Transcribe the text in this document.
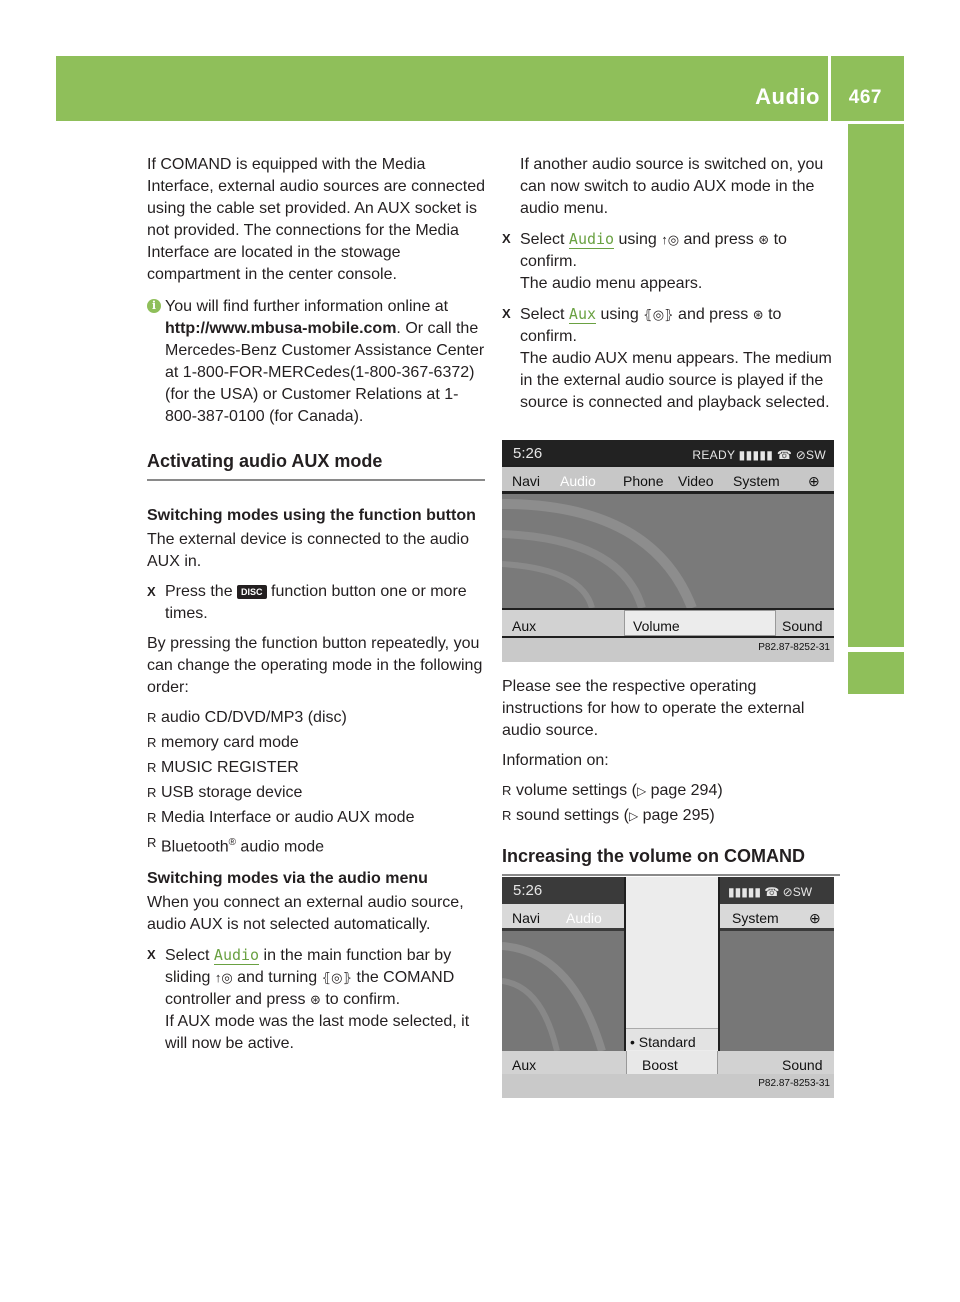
Audio 467
COMAND

If COMAND is equipped with the Media Interface, external audio sources are connected using the cable set provided. An AUX socket is not provided. The connections for the Media Interface are located in the stowage compartment in the center console.

i You will find further information online at http://www.mbusa-mobile.com. Or call the Mercedes-Benz Customer Assistance Center at 1-800-FOR-MERCedes(1-800-367-6372) (for the USA) or Customer Relations at 1-800-387-0100 (for Canada).
Activating audio AUX mode
Switching modes using the function button

The external device is connected to the audio AUX in.

X Press the DISC function button one or more times.

By pressing the function button repeatedly, you can change the operating mode in the following order:

R audio CD/DVD/MP3 (disc)
R memory card mode
R MUSIC REGISTER
R USB storage device
R Media Interface or audio AUX mode
R Bluetooth® audio mode
Switching modes via the audio menu

When you connect an external audio source, audio AUX is not selected automatically.

X Select Audio in the main function bar by sliding ↑◎ and turning ⦃◎⦄ the COMAND controller and press ⊛ to confirm.
If AUX mode was the last mode selected, it will now be active.

If another audio source is switched on, you can now switch to audio AUX mode in the audio menu.

X Select Audio using ↑◎ and press ⊛ to confirm.
The audio menu appears.
X Select Aux using ⦃◎⦄ and press ⊛ to confirm.
The audio AUX menu appears. The medium in the external audio source is played if the source is connected and playback selected.

Please see the respective operating instructions for how to operate the external audio source.

Information on:

R volume settings (▷ page 294)
R sound settings (▷ page 295)
Increasing the volume on COMAND
5:26	READY ▮▮▮▮▮ ☎ ⊘SW
Navi Audio Phone Video System ⊕
Aux	Sound
Volume
P82.87-8252-31
• Standard
5:26	▮▮▮▮▮ ☎ ⊘SW
Navi Audio	System ⊕
Aux	Boost	Sound
P82.87-8253-31
